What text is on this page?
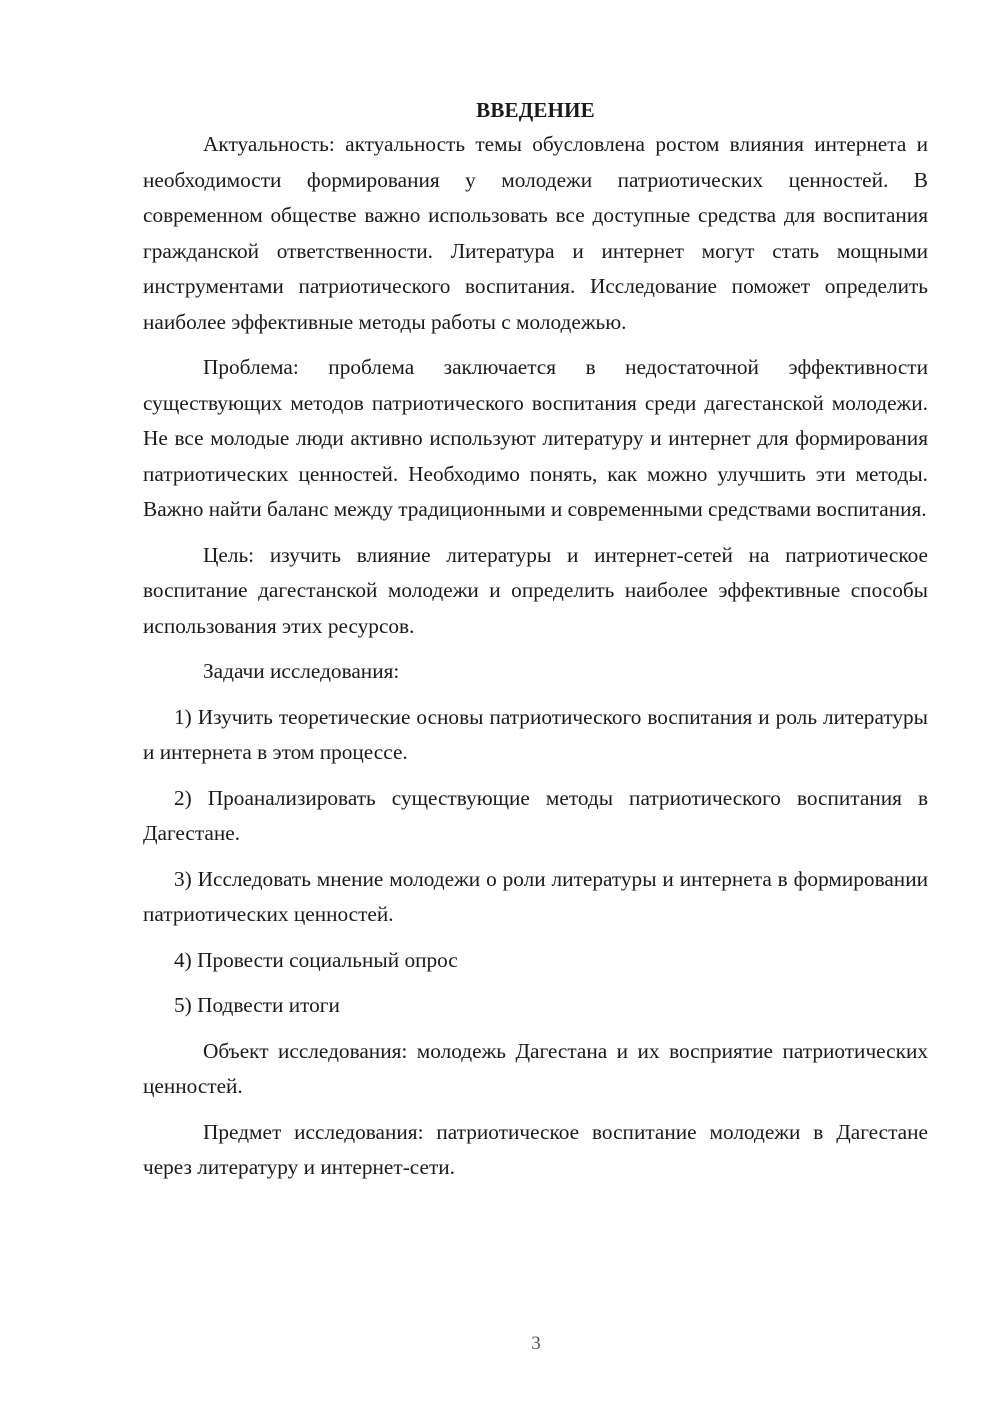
ВВЕДЕНИЕ

Актуальность: актуальность темы обусловлена ростом влияния интернета и необходимости формирования у молодежи патриотических ценностей. В современном обществе важно использовать все доступные средства для воспитания гражданской ответственности. Литература и интернет могут стать мощными инструментами патриотического воспитания. Исследование поможет определить наиболее эффективные методы работы с молодежью.

Проблема: проблема заключается в недостаточной эффективности существующих методов патриотического воспитания среди дагестанской молодежи. Не все молодые люди активно используют литературу и интернет для формирования патриотических ценностей. Необходимо понять, как можно улучшить эти методы. Важно найти баланс между традиционными и современными средствами воспитания.

Цель: изучить влияние литературы и интернет-сетей на патриотическое воспитание дагестанской молодежи и определить наиболее эффективные способы использования этих ресурсов.

Задачи исследования:

1) Изучить теоретические основы патриотического воспитания и роль литературы и интернета в этом процессе.

2) Проанализировать существующие методы патриотического воспитания в Дагестане.

3) Исследовать мнение молодежи о роли литературы и интернета в формировании патриотических ценностей.

4) Провести социальный опрос

5) Подвести итоги

Объект исследования: молодежь Дагестана и их восприятие патриотических ценностей.

Предмет исследования: патриотическое воспитание молодежи в Дагестане через литературу и интернет-сети.

3
